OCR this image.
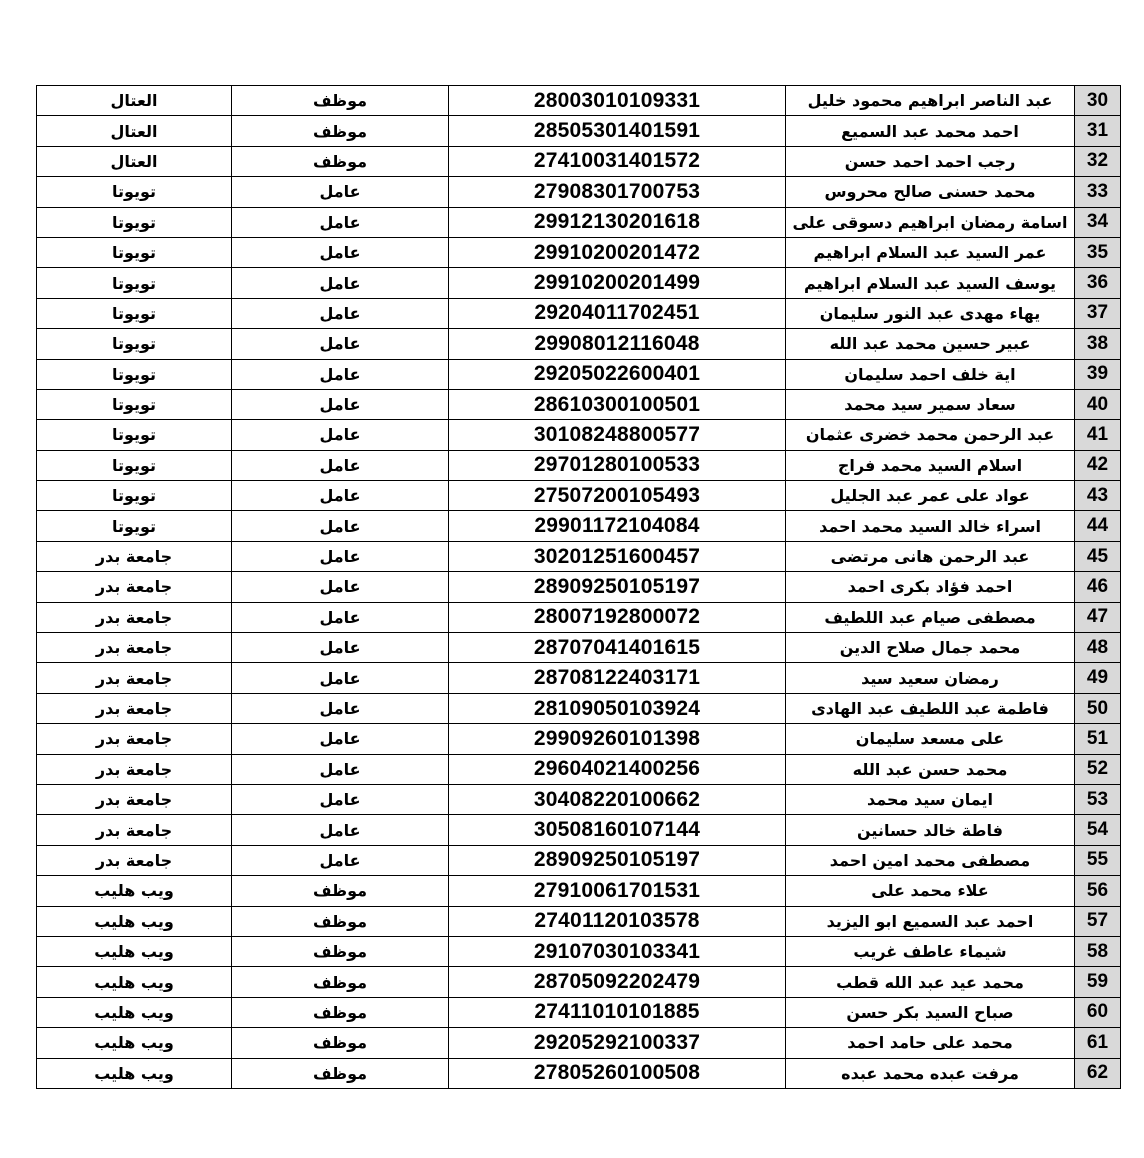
30	عبد الناصر ابراهيم محمود خليل	28003010109331	موظف	العتال
31	احمد محمد عبد السميع	28505301401591	موظف	العتال
32	رجب احمد احمد حسن	27410031401572	موظف	العتال
33	محمد حسنى صالح محروس	27908301700753	عامل	تويوتا
34	اسامة رمضان ابراهيم دسوقى على	29912130201618	عامل	تويوتا
35	عمر السيد عبد السلام ابراهيم	29910200201472	عامل	تويوتا
36	يوسف السيد عبد السلام ابراهيم	29910200201499	عامل	تويوتا
37	يهاء مهدى عبد النور سليمان	29204011702451	عامل	تويوتا
38	عبير حسين محمد عبد الله	29908012116048	عامل	تويوتا
39	اية خلف احمد سليمان	29205022600401	عامل	تويوتا
40	سعاد سمير سيد محمد	28610300100501	عامل	تويوتا
41	عبد الرحمن محمد خضرى عثمان	30108248800577	عامل	تويوتا
42	اسلام السيد محمد فراج	29701280100533	عامل	تويوتا
43	عواد على عمر عبد الجليل	27507200105493	عامل	تويوتا
44	اسراء خالد السيد محمد احمد	29901172104084	عامل	تويوتا
45	عبد الرحمن هانى مرتضى	30201251600457	عامل	جامعة بدر
46	احمد فؤاد بكرى احمد	28909250105197	عامل	جامعة بدر
47	مصطفى صيام عبد اللطيف	28007192800072	عامل	جامعة بدر
48	محمد جمال صلاح الدين	28707041401615	عامل	جامعة بدر
49	رمضان سعيد سيد	28708122403171	عامل	جامعة بدر
50	فاطمة عبد اللطيف عبد الهادى	28109050103924	عامل	جامعة بدر
51	على مسعد سليمان	29909260101398	عامل	جامعة بدر
52	محمد حسن عبد الله	29604021400256	عامل	جامعة بدر
53	ايمان سيد محمد	30408220100662	عامل	جامعة بدر
54	فاطة خالد حسانين	30508160107144	عامل	جامعة بدر
55	مصطفى محمد امين احمد	28909250105197	عامل	جامعة بدر
56	علاء محمد على	27910061701531	موظف	ويب هليب
57	احمد عبد السميع ابو اليزيد	27401120103578	موظف	ويب هليب
58	شيماء عاطف غريب	29107030103341	موظف	ويب هليب
59	محمد عيد عبد الله قطب	28705092202479	موظف	ويب هليب
60	صباح السيد بكر حسن	27411010101885	موظف	ويب هليب
61	محمد على حامد احمد	29205292100337	موظف	ويب هليب
62	مرفت عبده محمد عبده	27805260100508	موظف	ويب هليب
